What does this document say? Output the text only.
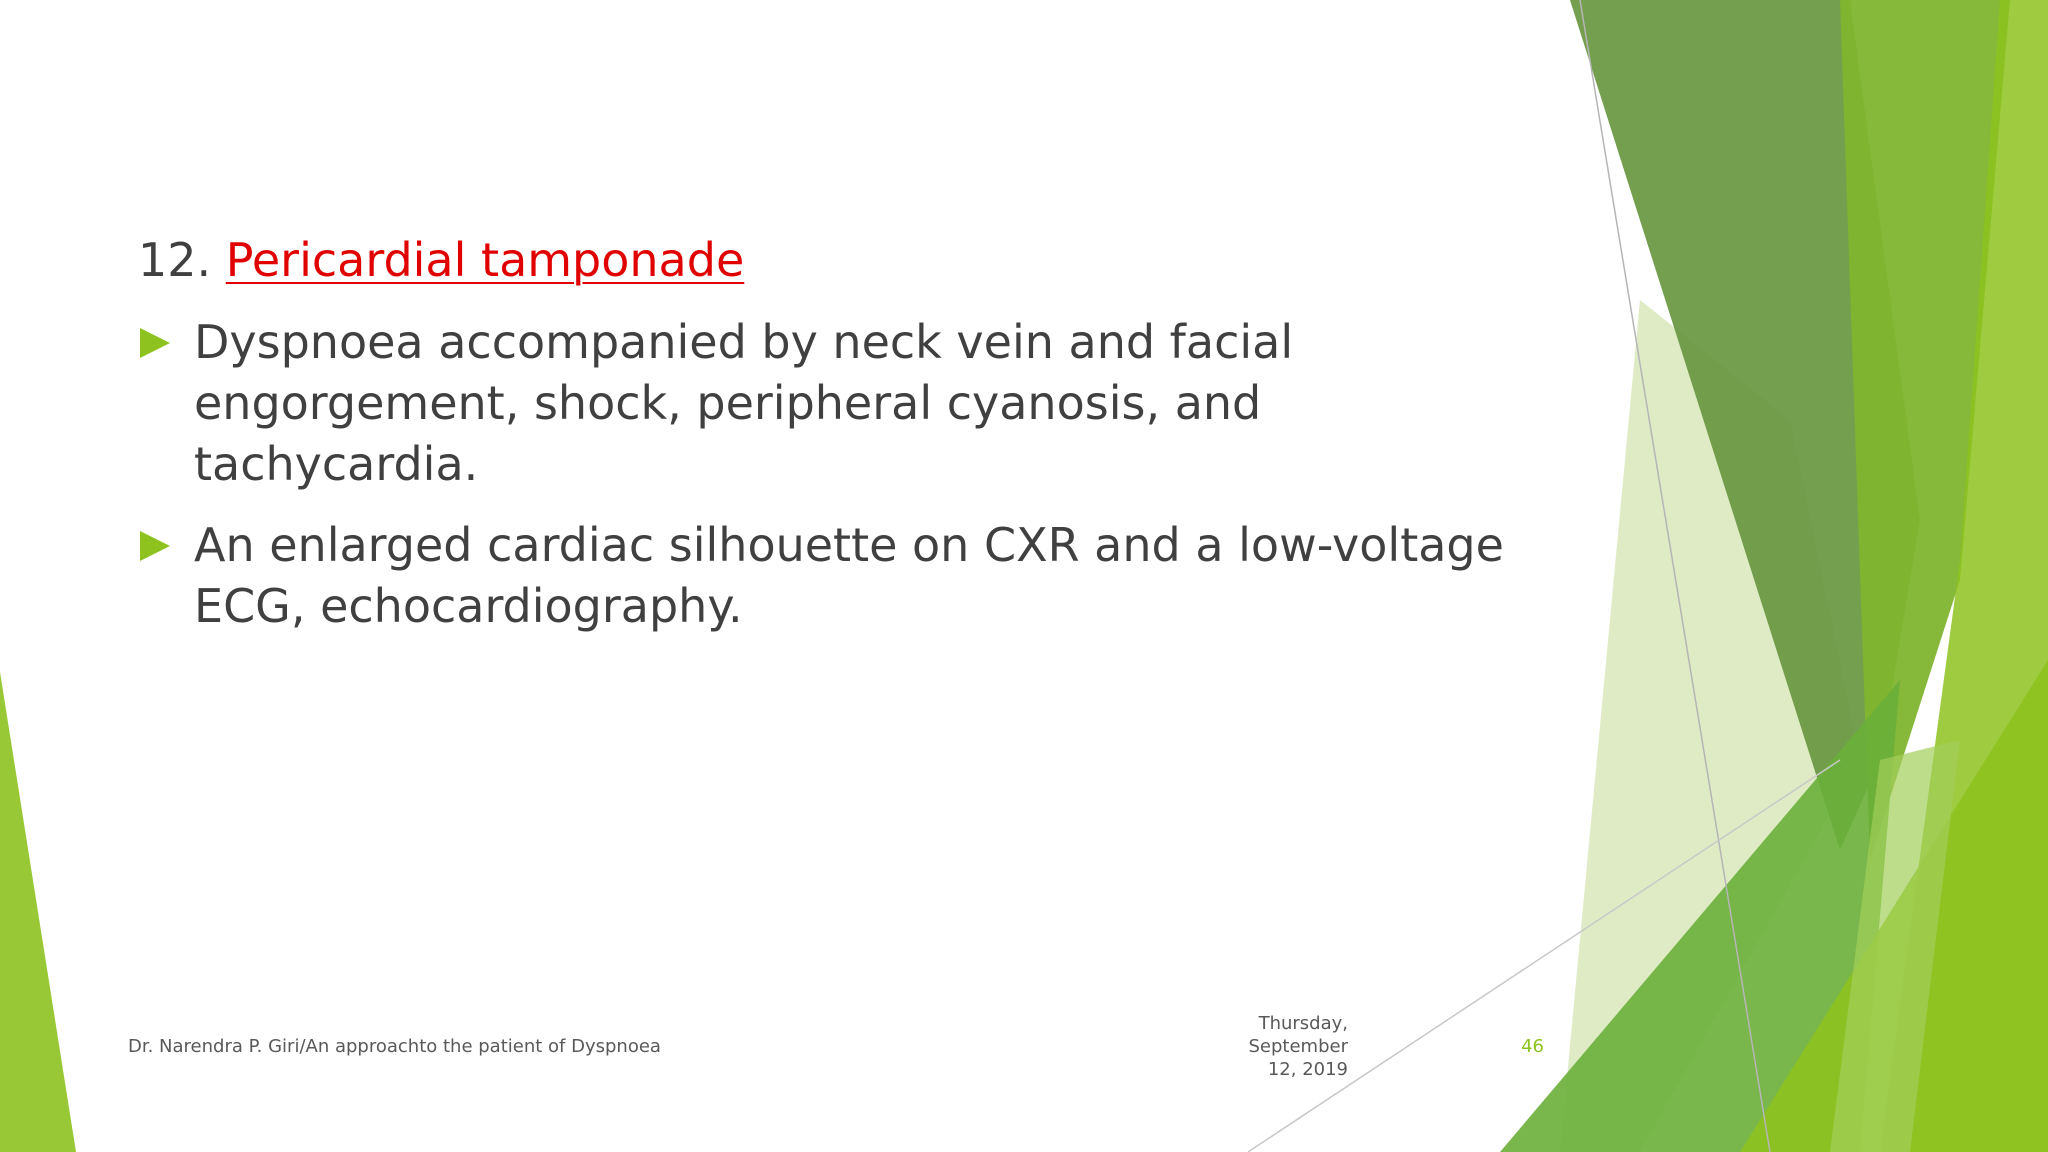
12. Pericardial tamponade
Dyspnoea accompanied by neck vein and facial engorgement, shock, peripheral cyanosis, and tachycardia.
An enlarged cardiac silhouette on CXR and a low-voltage ECG, echocardiography.
Dr. Narendra P. Giri/An approachto the patient of Dyspnoea
Thursday,
September
12, 2019
46
